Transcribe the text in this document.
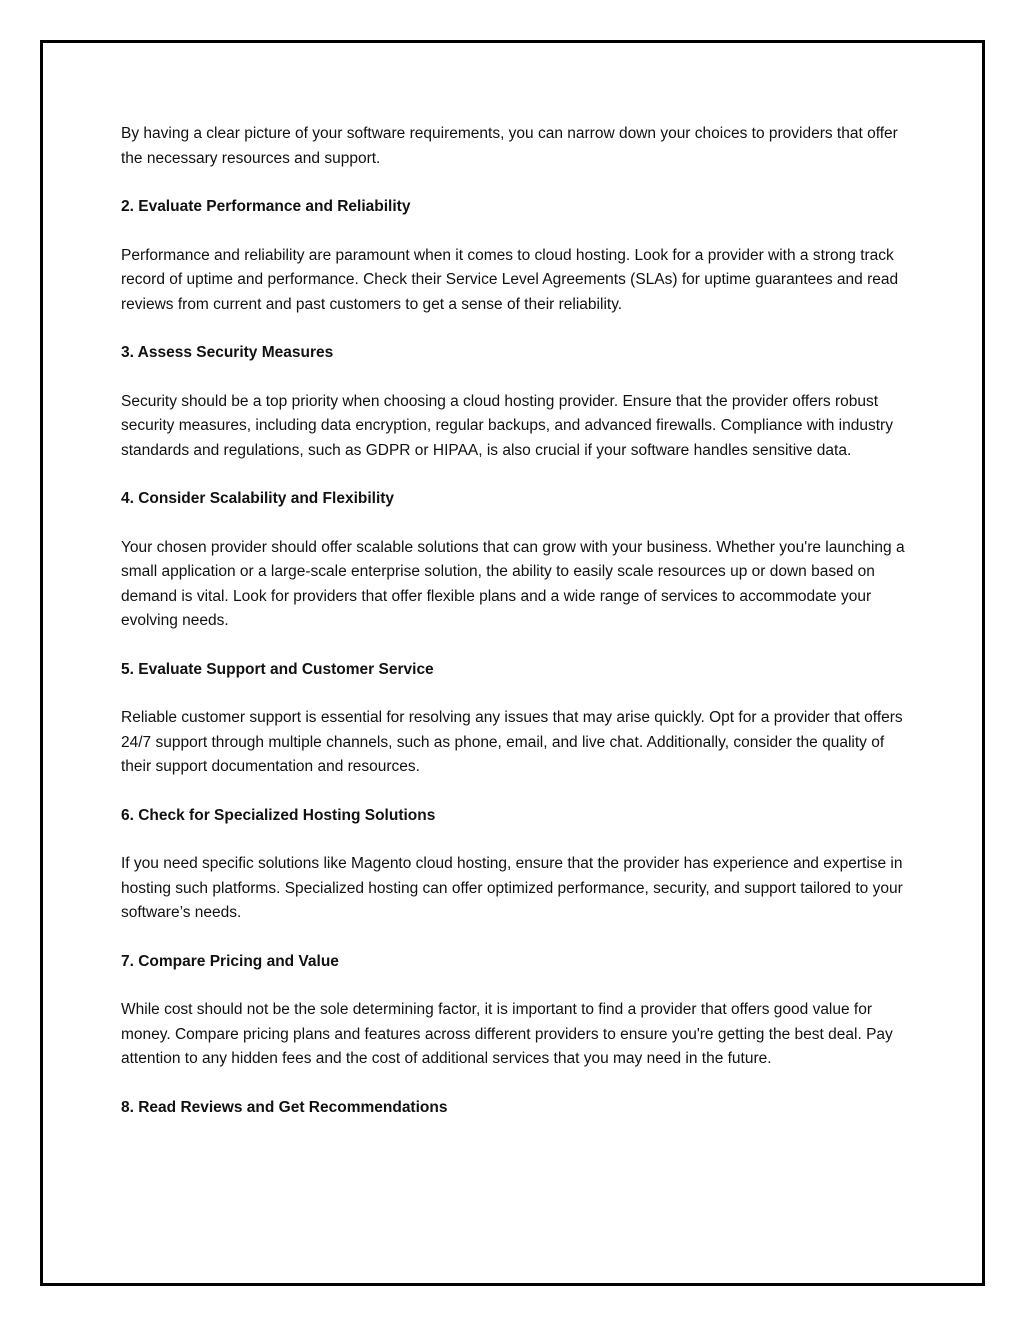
By having a clear picture of your software requirements, you can narrow down your choices to providers that offer the necessary resources and support.

2. Evaluate Performance and Reliability

Performance and reliability are paramount when it comes to cloud hosting. Look for a provider with a strong track record of uptime and performance. Check their Service Level Agreements (SLAs) for uptime guarantees and read reviews from current and past customers to get a sense of their reliability.

3. Assess Security Measures

Security should be a top priority when choosing a cloud hosting provider. Ensure that the provider offers robust security measures, including data encryption, regular backups, and advanced firewalls. Compliance with industry standards and regulations, such as GDPR or HIPAA, is also crucial if your software handles sensitive data.

4. Consider Scalability and Flexibility

Your chosen provider should offer scalable solutions that can grow with your business. Whether you're launching a small application or a large-scale enterprise solution, the ability to easily scale resources up or down based on demand is vital. Look for providers that offer flexible plans and a wide range of services to accommodate your evolving needs.

5. Evaluate Support and Customer Service

Reliable customer support is essential for resolving any issues that may arise quickly. Opt for a provider that offers 24/7 support through multiple channels, such as phone, email, and live chat. Additionally, consider the quality of their support documentation and resources.

6. Check for Specialized Hosting Solutions

If you need specific solutions like Magento cloud hosting, ensure that the provider has experience and expertise in hosting such platforms. Specialized hosting can offer optimized performance, security, and support tailored to your software’s needs.

7. Compare Pricing and Value

While cost should not be the sole determining factor, it is important to find a provider that offers good value for money. Compare pricing plans and features across different providers to ensure you're getting the best deal. Pay attention to any hidden fees and the cost of additional services that you may need in the future.

8. Read Reviews and Get Recommendations
